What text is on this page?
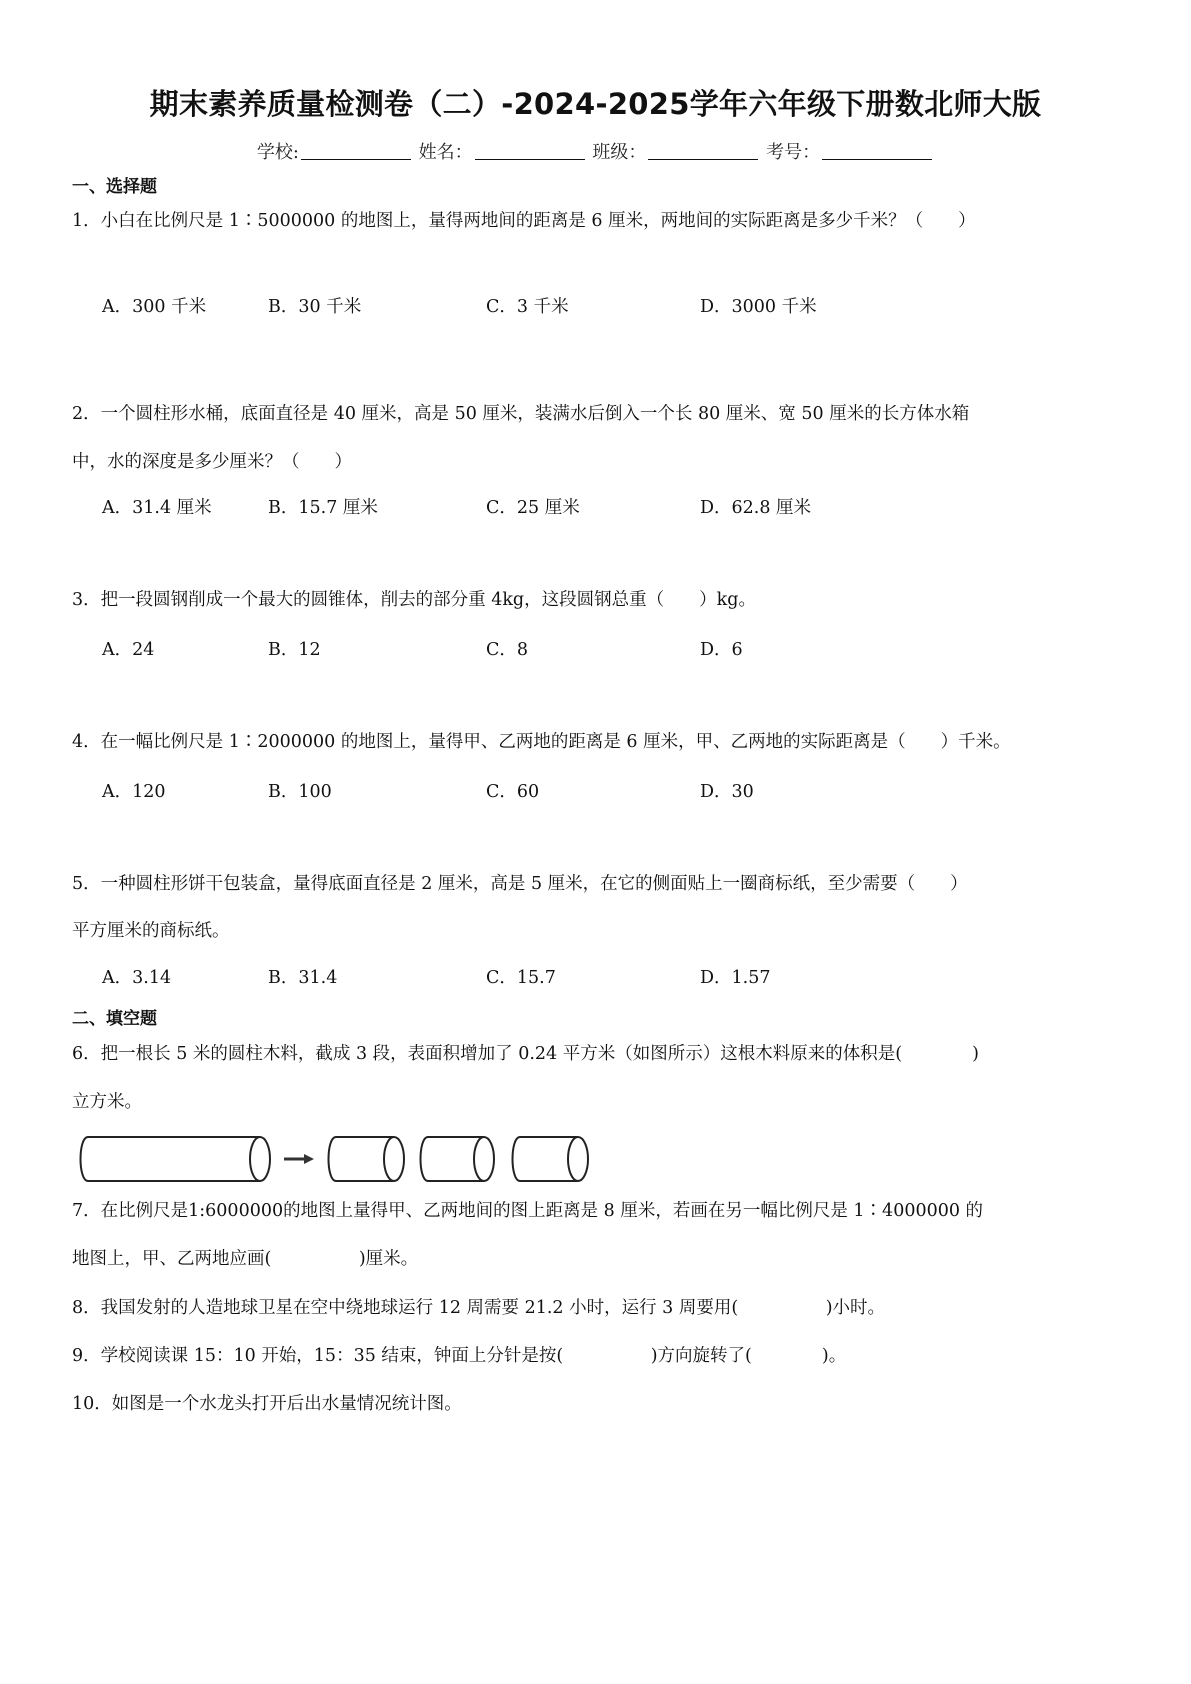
期末素养质量检测卷（二）-2024-2025学年六年级下册数北师大版
学校:	姓名：	班级：	考号：
一、选择题
1．小白在比例尺是 1∶5000000 的地图上，量得两地间的距离是 6 厘米，两地间的实际距离是多少千米？（　　）
A．300 千米	B．30 千米	C．3 千米	D．3000 千米
2．一个圆柱形水桶，底面直径是 40 厘米，高是 50 厘米，装满水后倒入一个长 80 厘米、宽 50 厘米的长方体水箱
中，水的深度是多少厘米？（　　）
A．31.4 厘米	B．15.7 厘米	C．25 厘米	D．62.8 厘米
3．把一段圆钢削成一个最大的圆锥体，削去的部分重 4kg，这段圆钢总重（　　）kg。
A．24	B．12	C．8	D．6
4．在一幅比例尺是 1∶2000000 的地图上，量得甲、乙两地的距离是 6 厘米，甲、乙两地的实际距离是（　　）千米。
A．120	B．100	C．60	D．30
5．一种圆柱形饼干包装盒，量得底面直径是 2 厘米，高是 5 厘米，在它的侧面贴上一圈商标纸，至少需要（　　）
平方厘米的商标纸。
A．3.14	B．31.4	C．15.7	D．1.57
二、填空题
6．把一根长 5 米的圆柱木料，截成 3 段，表面积增加了 0.24 平方米（如图所示）这根木料原来的体积是(　　　　)
立方米。
7．在比例尺是1:6000000的地图上量得甲、乙两地间的图上距离是 8 厘米，若画在另一幅比例尺是 1∶4000000 的
地图上，甲、乙两地应画(　　　　　)厘米。
8．我国发射的人造地球卫星在空中绕地球运行 12 周需要 21.2 小时，运行 3 周要用(　　　　　)小时。
9．学校阅读课 15：10 开始，15：35 结束，钟面上分针是按(　　　　　)方向旋转了(　　　　)。
10．如图是一个水龙头打开后出水量情况统计图。
